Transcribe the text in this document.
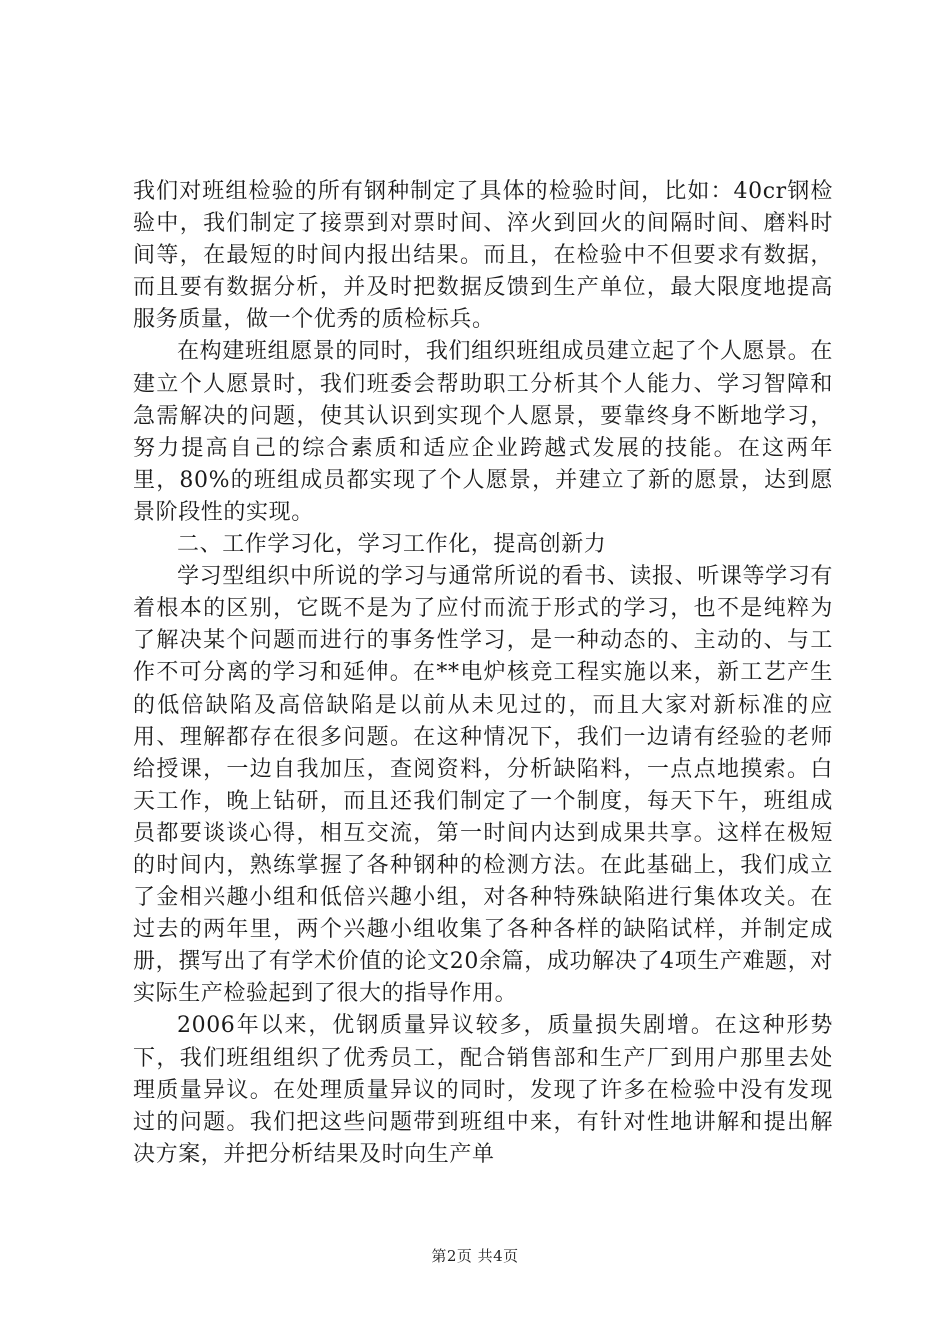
我们对班组检验的所有钢种制定了具体的检验时间，比如：40cr钢检验中，我们制定了接票到对票时间、淬火到回火的间隔时间、磨料时间等，在最短的时间内报出结果。而且，在检验中不但要求有数据，而且要有数据分析，并及时把数据反馈到生产单位，最大限度地提高服务质量，做一个优秀的质检标兵。

在构建班组愿景的同时，我们组织班组成员建立起了个人愿景。在建立个人愿景时，我们班委会帮助职工分析其个人能力、学习智障和急需解决的问题，使其认识到实现个人愿景，要靠终身不断地学习，努力提高自己的综合素质和适应企业跨越式发展的技能。在这两年里，80%的班组成员都实现了个人愿景，并建立了新的愿景，达到愿景阶段性的实现。

二、工作学习化，学习工作化，提高创新力

学习型组织中所说的学习与通常所说的看书、读报、听课等学习有着根本的区别，它既不是为了应付而流于形式的学习，也不是纯粹为了解决某个问题而进行的事务性学习，是一种动态的、主动的、与工作不可分离的学习和延伸。在**电炉核竞工程实施以来，新工艺产生的低倍缺陷及高倍缺陷是以前从未见过的，而且大家对新标准的应用、理解都存在很多问题。在这种情况下，我们一边请有经验的老师给授课，一边自我加压，查阅资料，分析缺陷料，一点点地摸索。白天工作，晚上钻研，而且还我们制定了一个制度，每天下午，班组成员都要谈谈心得，相互交流，第一时间内达到成果共享。这样在极短的时间内，熟练掌握了各种钢种的检测方法。在此基础上，我们成立了金相兴趣小组和低倍兴趣小组，对各种特殊缺陷进行集体攻关。在过去的两年里，两个兴趣小组收集了各种各样的缺陷试样，并制定成册，撰写出了有学术价值的论文20余篇，成功解决了4项生产难题，对实际生产检验起到了很大的指导作用。

2006年以来，优钢质量异议较多，质量损失剧增。在这种形势下，我们班组组织了优秀员工，配合销售部和生产厂到用户那里去处理质量异议。在处理质量异议的同时，发现了许多在检验中没有发现过的问题。我们把这些问题带到班组中来，有针对性地讲解和提出解决方案，并把分析结果及时向生产单

第2页 共4页
